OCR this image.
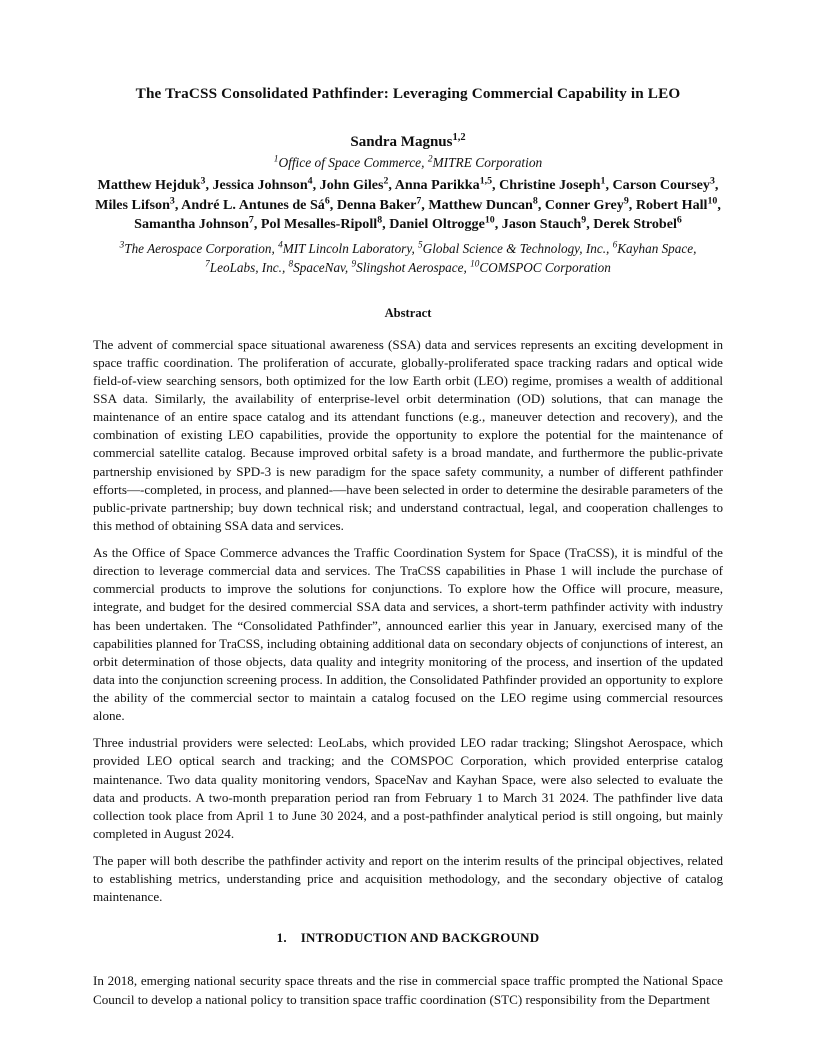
The TraCSS Consolidated Pathfinder: Leveraging Commercial Capability in LEO
Sandra Magnus$^{1,2}$
$^1$Office of Space Commerce, $^2$MITRE Corporation
Matthew Hejduk$^3$, Jessica Johnson$^4$, John Giles$^2$, Anna Parikka$^{1,5}$, Christine Joseph$^1$, Carson Coursey$^3$, Miles Lifson$^3$, André L. Antunes de $Sá^6$, Denna Baker$^7$, Matthew Duncan$^8$, Conner Grey$^9$, Robert Hall$^{10}$, Samantha Johnson$^7$, Pol Mesalles-Ripoll$^8$, Daniel Oltrogge$^{10}$, Jason Stauch$^9$, Derek Strobel$^6$
$^3$The Aerospace Corporation, $^4$MIT Lincoln Laboratory, $^5$Global Science & Technology, Inc., $^6$Kayhan Space, $^7$LeoLabs, Inc., $^8$SpaceNav, $^9$Slingshot Aerospace, $^{10}$COMSPOC Corporation
Abstract

The advent of commercial space situational awareness (SSA) data and services represents an exciting development in space traffic coordination. The proliferation of accurate, globally-proliferated space tracking radars and optical wide field-of-view searching sensors, both optimized for the low Earth orbit (LEO) regime, promises a wealth of additional SSA data. Similarly, the availability of enterprise-level orbit determination (OD) solutions, that can manage the maintenance of an entire space catalog and its attendant functions (e.g., maneuver detection and recovery), and the combination of existing LEO capabilities, provide the opportunity to explore the potential for the maintenance of commercial satellite catalog. Because improved orbital safety is a broad mandate, and furthermore the public-private partnership envisioned by SPD-3 is new paradigm for the space safety community, a number of different pathfinder efforts—-completed, in process, and planned-—have been selected in order to determine the desirable parameters of the public-private partnership; buy down technical risk; and understand contractual, legal, and cooperation challenges to this method of obtaining SSA data and services.

As the Office of Space Commerce advances the Traffic Coordination System for Space (TraCSS), it is mindful of the direction to leverage commercial data and services. The TraCSS capabilities in Phase 1 will include the purchase of commercial products to improve the solutions for conjunctions. To explore how the Office will procure, measure, integrate, and budget for the desired commercial SSA data and services, a short-term pathfinder activity with industry has been undertaken. The “Consolidated Pathfinder”, announced earlier this year in January, exercised many of the capabilities planned for TraCSS, including obtaining additional data on secondary objects of conjunctions of interest, an orbit determination of those objects, data quality and integrity monitoring of the process, and insertion of the updated data into the conjunction screening process. In addition, the Consolidated Pathfinder provided an opportunity to explore the ability of the commercial sector to maintain a catalog focused on the LEO regime using commercial resources alone.

Three industrial providers were selected: LeoLabs, which provided LEO radar tracking; Slingshot Aerospace, which provided LEO optical search and tracking; and the COMSPOC Corporation, which provided enterprise catalog maintenance. Two data quality monitoring vendors, SpaceNav and Kayhan Space, were also selected to evaluate the data and products. A two-month preparation period ran from February 1 to March 31 2024. The pathfinder live data collection took place from April 1 to June 30 2024, and a post-pathfinder analytical period is still ongoing, but mainly completed in August 2024.

The paper will both describe the pathfinder activity and report on the interim results of the principal objectives, related to establishing metrics, understanding price and acquisition methodology, and the secondary objective of catalog maintenance.

1. INTRODUCTION AND BACKGROUND

In 2018, emerging national security space threats and the rise in commercial space traffic prompted the National Space Council to develop a national policy to transition space traffic coordination (STC) responsibility from the Department
